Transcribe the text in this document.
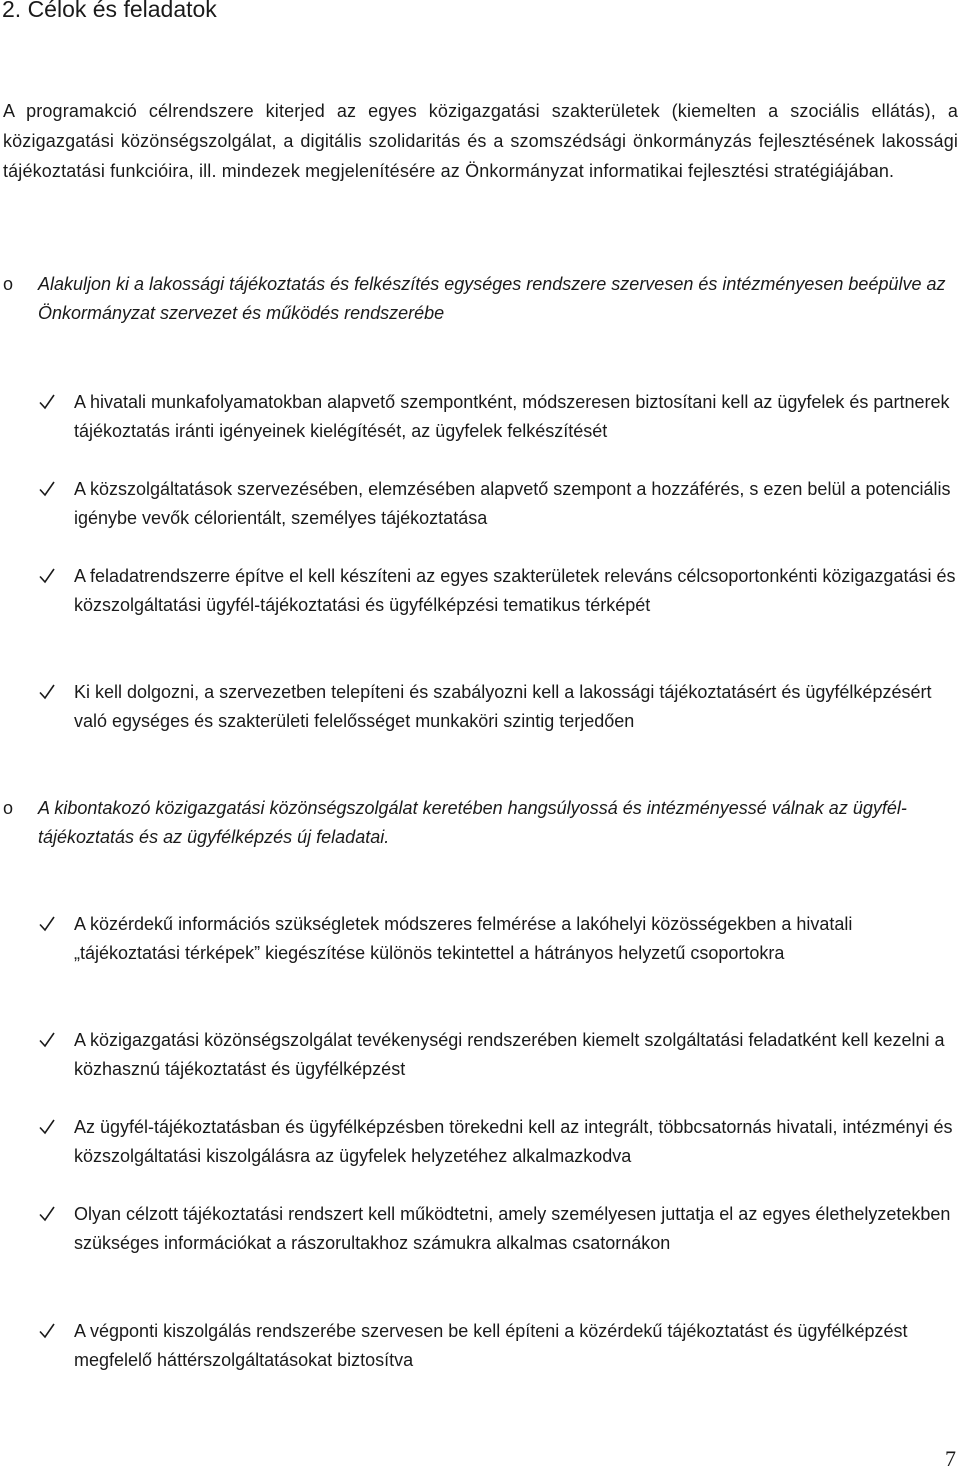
2. Célok és feladatok

A programakció célrendszere kiterjed az egyes közigazgatási szakterületek (kiemelten a szociális ellátás), a közigazgatási közönségszolgálat, a digitális szolidaritás és a szomszédsági önkormányzás fejlesztésének lakossági tájékoztatási funkcióira, ill. mindezek megjelenítésére az Önkormányzat informatikai fejlesztési stratégiájában.

o Alakuljon ki a lakossági tájékoztatás és felkészítés egységes rendszere szervesen és intézményesen beépülve az Önkormányzat szervezet és működés rendszerébe

A hivatali munkafolyamatokban alapvető szempontként, módszeresen biztosítani kell az ügyfelek és partnerek tájékoztatás iránti igényeinek kielégítését, az ügyfelek felkészítését

A közszolgáltatások szervezésében, elemzésében alapvető szempont a hozzáférés, s ezen belül a potenciális igénybe vevők célorientált, személyes tájékoztatása

A feladatrendszerre építve el kell készíteni az egyes szakterületek releváns célcsoportonkénti közigazgatási és közszolgáltatási ügyfél-tájékoztatási és ügyfélképzési tematikus térképét

Ki kell dolgozni, a szervezetben telepíteni és szabályozni kell a lakossági tájékoztatásért és ügyfélképzésért való egységes és szakterületi felelősséget munkaköri szintig terjedően

o A kibontakozó közigazgatási közönségszolgálat keretében hangsúlyossá és intézményessé válnak az ügyfél-tájékoztatás és az ügyfélképzés új feladatai.

A közérdekű információs szükségletek módszeres felmérése a lakóhelyi közösségekben a hivatali „tájékoztatási térképek” kiegészítése különös tekintettel a hátrányos helyzetű csoportokra

A közigazgatási közönségszolgálat tevékenységi rendszerében kiemelt szolgáltatási feladatként kell kezelni a közhasznú tájékoztatást és ügyfélképzést

Az ügyfél-tájékoztatásban és ügyfélképzésben törekedni kell az integrált, többcsatornás hivatali, intézményi és közszolgáltatási kiszolgálásra az ügyfelek helyzetéhez alkalmazkodva

Olyan célzott tájékoztatási rendszert kell működtetni, amely személyesen juttatja el az egyes élethelyzetekben szükséges információkat a rászorultakhoz számukra alkalmas csatornákon

A végponti kiszolgálás rendszerébe szervesen be kell építeni a közérdekű tájékoztatást és ügyfélképzést megfelelő háttérszolgáltatásokat biztosítva

7
